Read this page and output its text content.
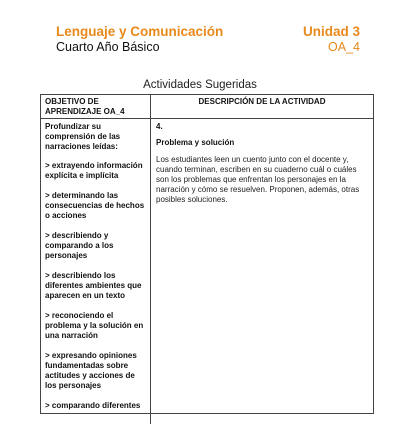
Lenguaje y Comunicación	Unidad 3
Cuarto Año Básico	OA_4
Actividades Sugeridas
OBJETIVO DE APRENDIZAJE OA_4
DESCRIPCIÓN DE LA ACTIVIDAD

Profundizar su comprensión de las narraciones leídas:

> extrayendo información explícita e implícita

> determinando las consecuencias de hechos o acciones

> describiendo y comparando a los personajes

> describiendo los diferentes ambientes que aparecen en un texto

> reconociendo el problema y la solución en una narración

> expresando opiniones fundamentadas sobre actitudes y acciones de los personajes

> comparando diferentes

4.

Problema y solución

Los estudiantes leen un cuento junto con el docente y, cuando terminan, escriben en su cuaderno cuál o cuáles son los problemas que enfrentan los personajes en la narración y cómo se resuelven. Proponen, además, otras posibles soluciones.
